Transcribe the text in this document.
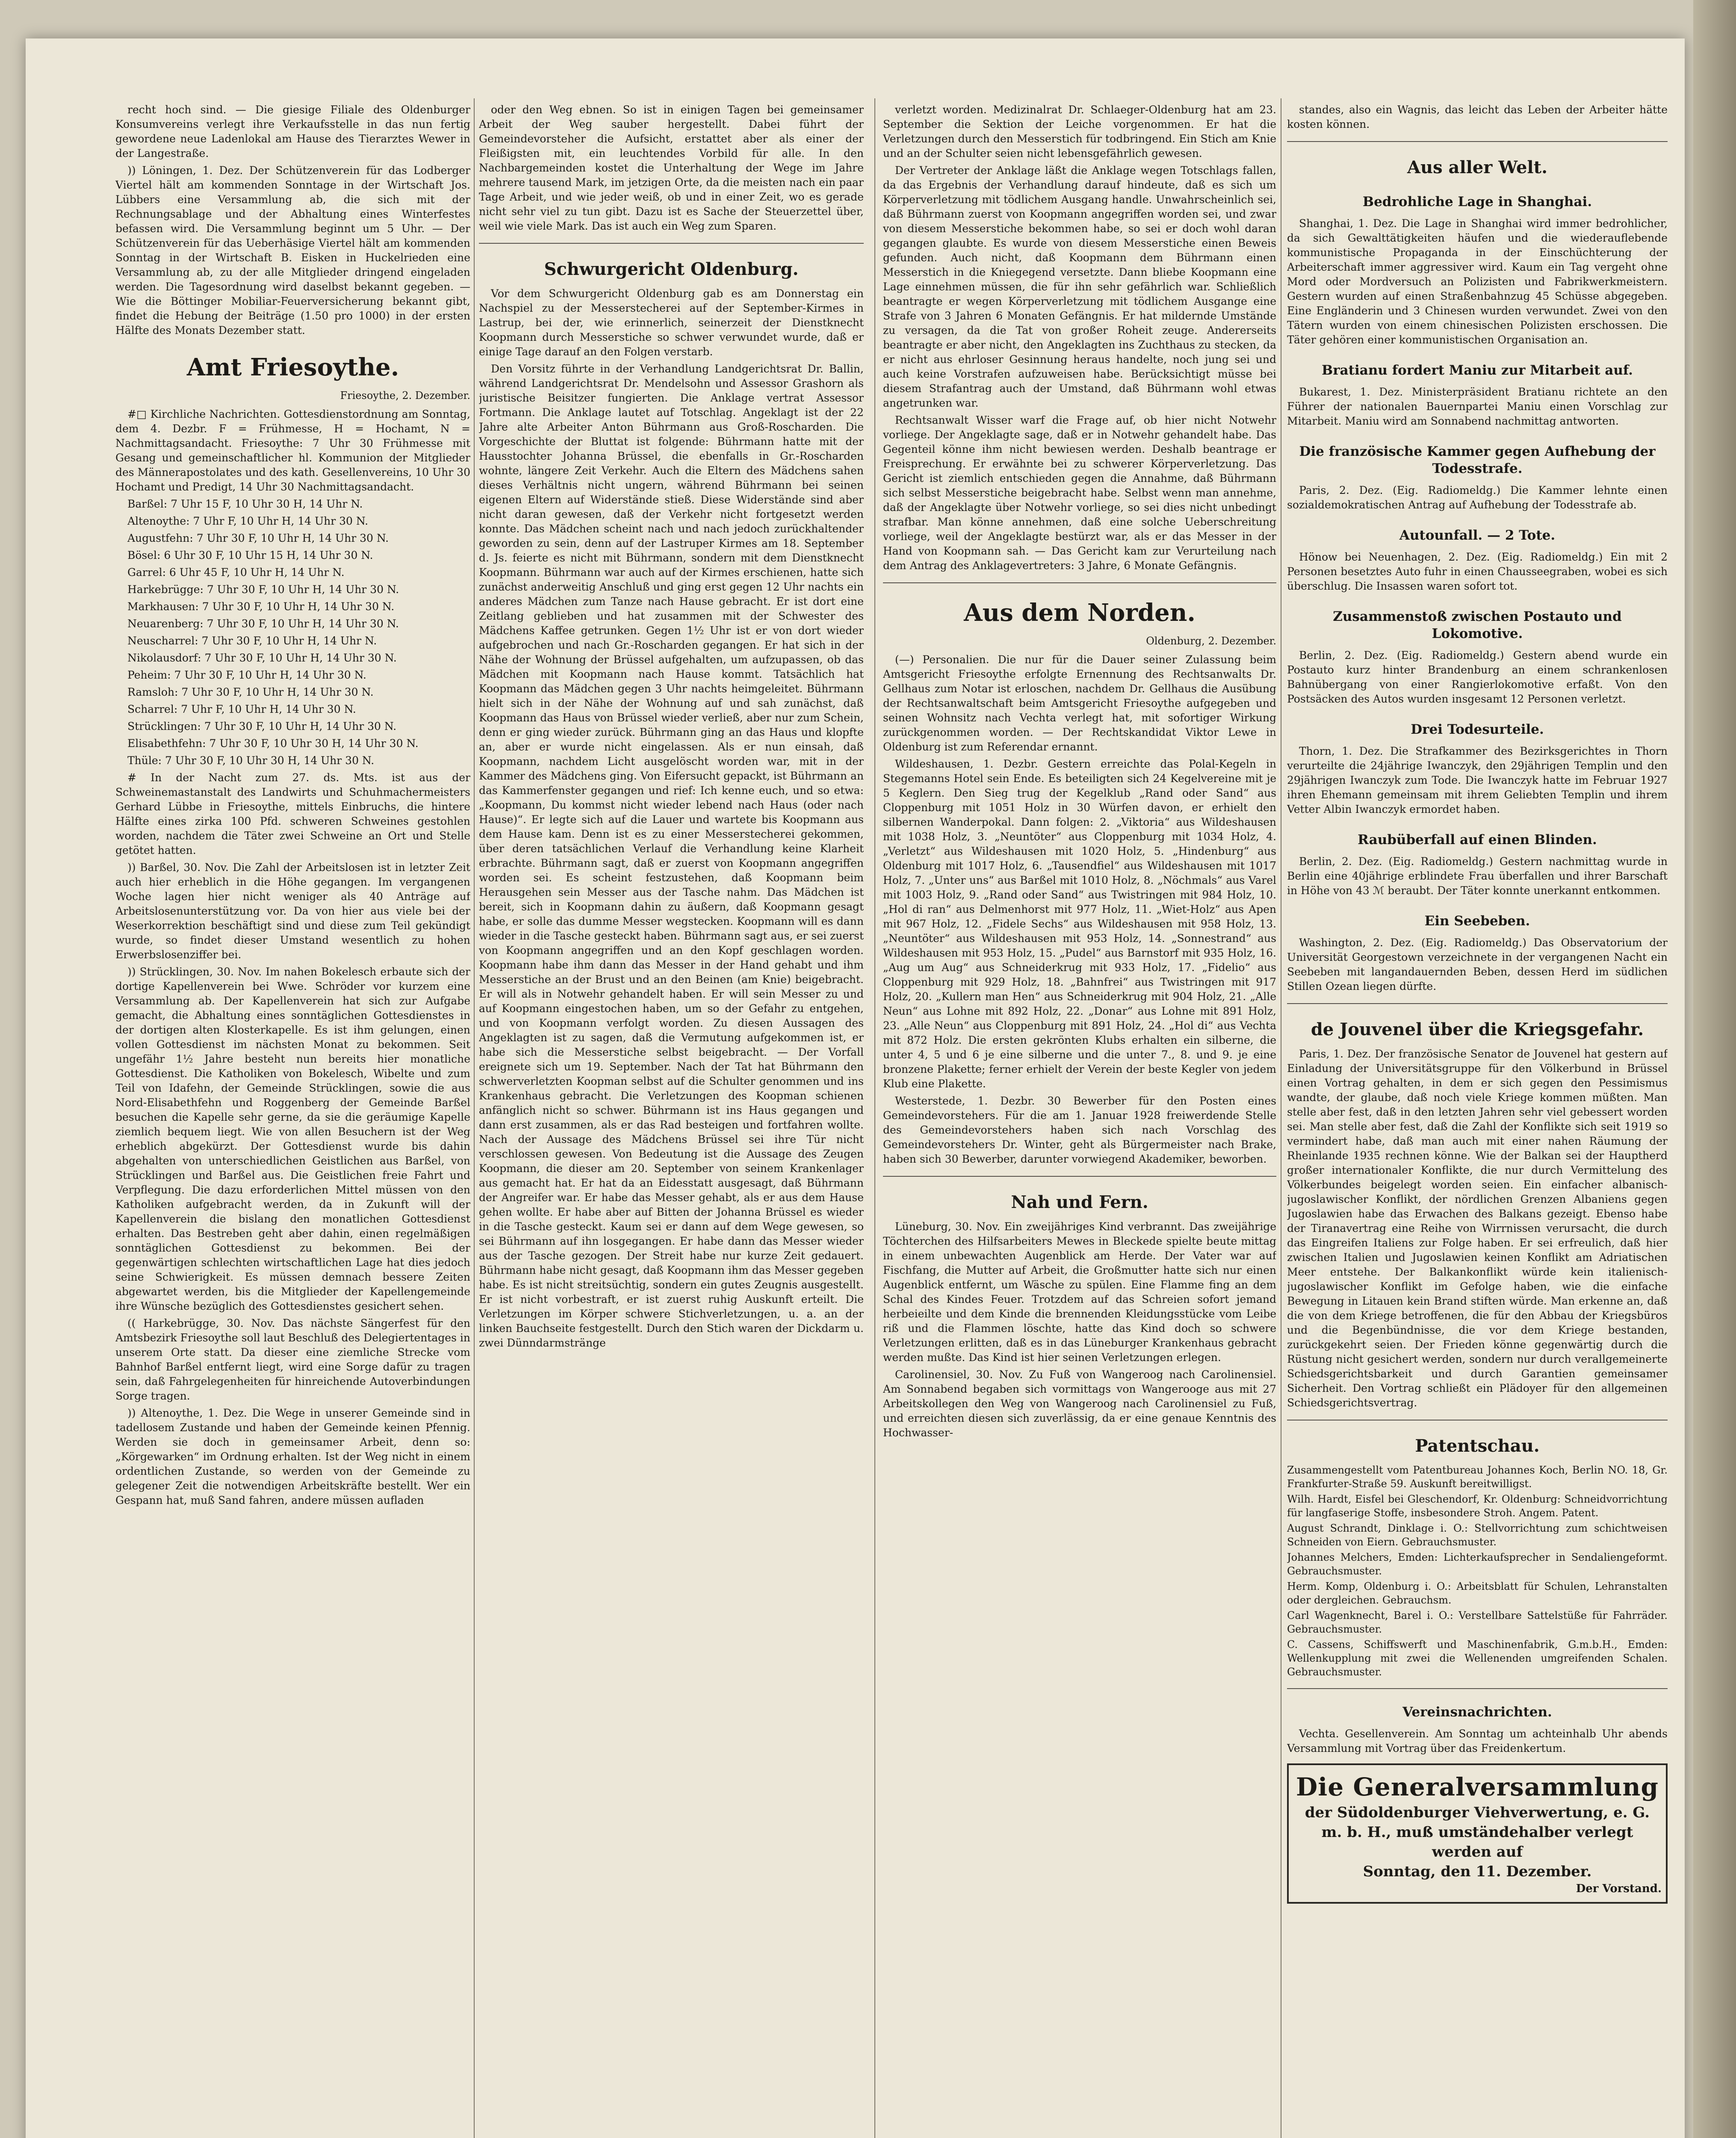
recht hoch sind. — Die giesige Filiale des Oldenburger Konsumvereins verlegt ihre Verkaufsstelle in das nun fertig gewordene neue Ladenlokal am Hause des Tierarztes Wewer in der Langestraße.

)) Löningen, 1. Dez. Der Schützenverein für das Lodberger Viertel hält am kommenden Sonntage in der Wirtschaft Jos. Lübbers eine Versammlung ab, die sich mit der Rechnungsablage und der Abhaltung eines Winterfestes befassen wird. Die Versammlung beginnt um 5 Uhr. — Der Schützenverein für das Ueberhäsige Viertel hält am kommenden Sonntag in der Wirtschaft B. Eisken in Huckelrieden eine Versammlung ab, zu der alle Mitglieder dringend eingeladen werden. Die Tagesordnung wird daselbst bekannt gegeben. — Wie die Böttinger Mobiliar-Feuerversicherung bekannt gibt, findet die Hebung der Beiträge (1.50 pro 1000) in der ersten Hälfte des Monats Dezember statt.

Amt Friesoythe.

Friesoythe, 2. Dezember.

#□ Kirchliche Nachrichten. Gottesdienstordnung am Sonntag, dem 4. Dezbr. F = Frühmesse, H = Hochamt, N = Nachmittagsandacht. Friesoythe: 7 Uhr 30 Frühmesse mit Gesang und gemeinschaftlicher hl. Kommunion der Mitglieder des Männerapostolates und des kath. Gesellenvereins, 10 Uhr 30 Hochamt und Predigt, 14 Uhr 30 Nachmittagsandacht.

Barßel: 7 Uhr 15 F, 10 Uhr 30 H, 14 Uhr N.

Altenoythe: 7 Uhr F, 10 Uhr H, 14 Uhr 30 N.

Augustfehn: 7 Uhr 30 F, 10 Uhr H, 14 Uhr 30 N.

Bösel: 6 Uhr 30 F, 10 Uhr 15 H, 14 Uhr 30 N.

Garrel: 6 Uhr 45 F, 10 Uhr H, 14 Uhr N.

Harkebrügge: 7 Uhr 30 F, 10 Uhr H, 14 Uhr 30 N.

Markhausen: 7 Uhr 30 F, 10 Uhr H, 14 Uhr 30 N.

Neuarenberg: 7 Uhr 30 F, 10 Uhr H, 14 Uhr 30 N.

Neuscharrel: 7 Uhr 30 F, 10 Uhr H, 14 Uhr N.

Nikolausdorf: 7 Uhr 30 F, 10 Uhr H, 14 Uhr 30 N.

Peheim: 7 Uhr 30 F, 10 Uhr H, 14 Uhr 30 N.

Ramsloh: 7 Uhr 30 F, 10 Uhr H, 14 Uhr 30 N.

Scharrel: 7 Uhr F, 10 Uhr H, 14 Uhr 30 N.

Strücklingen: 7 Uhr 30 F, 10 Uhr H, 14 Uhr 30 N.

Elisabethfehn: 7 Uhr 30 F, 10 Uhr 30 H, 14 Uhr 30 N.

Thüle: 7 Uhr 30 F, 10 Uhr 30 H, 14 Uhr 30 N.

# In der Nacht zum 27. ds. Mts. ist aus der Schweinemastanstalt des Landwirts und Schuhmachermeisters Gerhard Lübbe in Friesoythe, mittels Einbruchs, die hintere Hälfte eines zirka 100 Pfd. schweren Schweines gestohlen worden, nachdem die Täter zwei Schweine an Ort und Stelle getötet hatten.

)) Barßel, 30. Nov. Die Zahl der Arbeitslosen ist in letzter Zeit auch hier erheblich in die Höhe gegangen. Im vergangenen Woche lagen hier nicht weniger als 40 Anträge auf Arbeitslosenunterstützung vor. Da von hier aus viele bei der Weserkorrektion beschäftigt sind und diese zum Teil gekündigt wurde, so findet dieser Umstand wesentlich zu hohen Erwerbslosenziffer bei.

)) Strücklingen, 30. Nov. Im nahen Bokelesch erbaute sich der dortige Kapellenverein bei Wwe. Schröder vor kurzem eine Versammlung ab. Der Kapellenverein hat sich zur Aufgabe gemacht, die Abhaltung eines sonntäglichen Gottesdienstes in der dortigen alten Klosterkapelle. Es ist ihm gelungen, einen vollen Gottesdienst im nächsten Monat zu bekommen. Seit ungefähr 1½ Jahre besteht nun bereits hier monatliche Gottesdienst. Die Katholiken von Bokelesch, Wibelte und zum Teil von Idafehn, der Gemeinde Strücklingen, sowie die aus Nord-Elisabethfehn und Roggenberg der Gemeinde Barßel besuchen die Kapelle sehr gerne, da sie die geräumige Kapelle ziemlich bequem liegt. Wie von allen Besuchern ist der Weg erheblich abgekürzt. Der Gottesdienst wurde bis dahin abgehalten von unterschiedlichen Geistlichen aus Barßel, von Strücklingen und Barßel aus. Die Geistlichen freie Fahrt und Verpflegung. Die dazu erforderlichen Mittel müssen von den Katholiken aufgebracht werden, da in Zukunft will der Kapellenverein die bislang den monatlichen Gottesdienst erhalten. Das Bestreben geht aber dahin, einen regelmäßigen sonntäglichen Gottesdienst zu bekommen. Bei der gegenwärtigen schlechten wirtschaftlichen Lage hat dies jedoch seine Schwierigkeit. Es müssen demnach bessere Zeiten abgewartet werden, bis die Mitglieder der Kapellengemeinde ihre Wünsche bezüglich des Gottesdienstes gesichert sehen.

(( Harkebrügge, 30. Nov. Das nächste Sängerfest für den Amtsbezirk Friesoythe soll laut Beschluß des Delegiertentages in unserem Orte statt. Da dieser eine ziemliche Strecke vom Bahnhof Barßel entfernt liegt, wird eine Sorge dafür zu tragen sein, daß Fahrgelegenheiten für hinreichende Autoverbindungen Sorge tragen.

)) Altenoythe, 1. Dez. Die Wege in unserer Gemeinde sind in tadellosem Zustande und haben der Gemeinde keinen Pfennig. Werden sie doch in gemeinsamer Arbeit, denn so: „Körgewarken“ im Ordnung erhalten. Ist der Weg nicht in einem ordentlichen Zustande, so werden von der Gemeinde zu gelegener Zeit die notwendigen Arbeitskräfte bestellt. Wer ein Gespann hat, muß Sand fahren, andere müssen aufladen

oder den Weg ebnen. So ist in einigen Tagen bei gemeinsamer Arbeit der Weg sauber hergestellt. Dabei führt der Gemeindevorsteher die Aufsicht, erstattet aber als einer der Fleißigsten mit, ein leuchtendes Vorbild für alle. In den Nachbargemeinden kostet die Unterhaltung der Wege im Jahre mehrere tausend Mark, im jetzigen Orte, da die meisten nach ein paar Tage Arbeit, und wie jeder weiß, ob und in einer Zeit, wo es gerade nicht sehr viel zu tun gibt. Dazu ist es Sache der Steuerzettel über, weil wie viele Mark. Das ist auch ein Weg zum Sparen.

Schwurgericht Oldenburg.

Vor dem Schwurgericht Oldenburg gab es am Donnerstag ein Nachspiel zu der Messerstecherei auf der September-Kirmes in Lastrup, bei der, wie erinnerlich, seinerzeit der Dienstknecht Koopmann durch Messerstiche so schwer verwundet wurde, daß er einige Tage darauf an den Folgen verstarb.

Den Vorsitz führte in der Verhandlung Landgerichtsrat Dr. Ballin, während Landgerichtsrat Dr. Mendelsohn und Assessor Grashorn als juristische Beisitzer fungierten. Die Anklage vertrat Assessor Fortmann. Die Anklage lautet auf Totschlag. Angeklagt ist der 22 Jahre alte Arbeiter Anton Bührmann aus Groß-Roscharden. Die Vorgeschichte der Bluttat ist folgende: Bührmann hatte mit der Hausstochter Johanna Brüssel, die ebenfalls in Gr.-Roscharden wohnte, längere Zeit Verkehr. Auch die Eltern des Mädchens sahen dieses Verhältnis nicht ungern, während Bührmann bei seinen eigenen Eltern auf Widerstände stieß. Diese Widerstände sind aber nicht daran gewesen, daß der Verkehr nicht fortgesetzt werden konnte. Das Mädchen scheint nach und nach jedoch zurückhaltender geworden zu sein, denn auf der Lastruper Kirmes am 18. September d. Js. feierte es nicht mit Bührmann, sondern mit dem Dienstknecht Koopmann. Bührmann war auch auf der Kirmes erschienen, hatte sich zunächst anderweitig Anschluß und ging erst gegen 12 Uhr nachts ein anderes Mädchen zum Tanze nach Hause gebracht. Er ist dort eine Zeitlang geblieben und hat zusammen mit der Schwester des Mädchens Kaffee getrunken. Gegen 1½ Uhr ist er von dort wieder aufgebrochen und nach Gr.-Roscharden gegangen. Er hat sich in der Nähe der Wohnung der Brüssel aufgehalten, um aufzupassen, ob das Mädchen mit Koopmann nach Hause kommt. Tatsächlich hat Koopmann das Mädchen gegen 3 Uhr nachts heimgeleitet. Bührmann hielt sich in der Nähe der Wohnung auf und sah zunächst, daß Koopmann das Haus von Brüssel wieder verließ, aber nur zum Schein, denn er ging wieder zurück. Bührmann ging an das Haus und klopfte an, aber er wurde nicht eingelassen. Als er nun einsah, daß Koopmann, nachdem Licht ausgelöscht worden war, mit in der Kammer des Mädchens ging. Von Eifersucht gepackt, ist Bührmann an das Kammerfenster gegangen und rief: Ich kenne euch, und so etwa: „Koopmann, Du kommst nicht wieder lebend nach Haus (oder nach Hause)“. Er legte sich auf die Lauer und wartete bis Koopmann aus dem Hause kam. Denn ist es zu einer Messerstecherei gekommen, über deren tatsächlichen Verlauf die Verhandlung keine Klarheit erbrachte. Bührmann sagt, daß er zuerst von Koopmann angegriffen worden sei. Es scheint festzustehen, daß Koopmann beim Herausgehen sein Messer aus der Tasche nahm. Das Mädchen ist bereit, sich in Koopmann dahin zu äußern, daß Koopmann gesagt habe, er solle das dumme Messer wegstecken. Koopmann will es dann wieder in die Tasche gesteckt haben. Bührmann sagt aus, er sei zuerst von Koopmann angegriffen und an den Kopf geschlagen worden. Koopmann habe ihm dann das Messer in der Hand gehabt und ihm Messerstiche an der Brust und an den Beinen (am Knie) beigebracht. Er will als in Notwehr gehandelt haben. Er will sein Messer zu und auf Koopmann eingestochen haben, um so der Gefahr zu entgehen, und von Koopmann verfolgt worden. Zu diesen Aussagen des Angeklagten ist zu sagen, daß die Vermutung aufgekommen ist, er habe sich die Messerstiche selbst beigebracht. — Der Vorfall ereignete sich um 19. September. Nach der Tat hat Bührmann den schwerverletzten Koopman selbst auf die Schulter genommen und ins Krankenhaus gebracht. Die Verletzungen des Koopman schienen anfänglich nicht so schwer. Bührmann ist ins Haus gegangen und dann erst zusammen, als er das Rad besteigen und fortfahren wollte. Nach der Aussage des Mädchens Brüssel sei ihre Tür nicht verschlossen gewesen. Von Bedeutung ist die Aussage des Zeugen Koopmann, die dieser am 20. September von seinem Krankenlager aus gemacht hat. Er hat da an Eidesstatt ausgesagt, daß Bührmann der Angreifer war. Er habe das Messer gehabt, als er aus dem Hause gehen wollte. Er habe aber auf Bitten der Johanna Brüssel es wieder in die Tasche gesteckt. Kaum sei er dann auf dem Wege gewesen, so sei Bührmann auf ihn losgegangen. Er habe dann das Messer wieder aus der Tasche gezogen. Der Streit habe nur kurze Zeit gedauert. Bührmann habe nicht gesagt, daß Koopmann ihm das Messer gegeben habe. Es ist nicht streitsüchtig, sondern ein gutes Zeugnis ausgestellt. Er ist nicht vorbestraft, er ist zuerst ruhig Auskunft erteilt. Die Verletzungen im Körper schwere Stichverletzungen, u. a. an der linken Bauchseite festgestellt. Durch den Stich waren der Dickdarm u. zwei Dünndarmstränge

verletzt worden. Medizinalrat Dr. Schlaeger-Oldenburg hat am 23. September die Sektion der Leiche vorgenommen. Er hat die Verletzungen durch den Messerstich für todbringend. Ein Stich am Knie und an der Schulter seien nicht lebensgefährlich gewesen.

Der Vertreter der Anklage läßt die Anklage wegen Totschlags fallen, da das Ergebnis der Verhandlung darauf hindeute, daß es sich um Körperverletzung mit tödlichem Ausgang handle. Unwahrscheinlich sei, daß Bührmann zuerst von Koopmann angegriffen worden sei, und zwar von diesem Messerstiche bekommen habe, so sei er doch wohl daran gegangen glaubte. Es wurde von diesem Messerstiche einen Beweis gefunden. Auch nicht, daß Koopmann dem Bührmann einen Messerstich in die Kniegegend versetzte. Dann bliebe Koopmann eine Lage einnehmen müssen, die für ihn sehr gefährlich war. Schließlich beantragte er wegen Körperverletzung mit tödlichem Ausgange eine Strafe von 3 Jahren 6 Monaten Gefängnis. Er hat mildernde Umstände zu versagen, da die Tat von großer Roheit zeuge. Andererseits beantragte er aber nicht, den Angeklagten ins Zuchthaus zu stecken, da er nicht aus ehrloser Gesinnung heraus handelte, noch jung sei und auch keine Vorstrafen aufzuweisen habe. Berücksichtigt müsse bei diesem Strafantrag auch der Umstand, daß Bührmann wohl etwas angetrunken war.

Rechtsanwalt Wisser warf die Frage auf, ob hier nicht Notwehr vorliege. Der Angeklagte sage, daß er in Notwehr gehandelt habe. Das Gegenteil könne ihm nicht bewiesen werden. Deshalb beantrage er Freisprechung. Er erwähnte bei zu schwerer Körperverletzung. Das Gericht ist ziemlich entschieden gegen die Annahme, daß Bührmann sich selbst Messerstiche beigebracht habe. Selbst wenn man annehme, daß der Angeklagte über Notwehr vorliege, so sei dies nicht unbedingt strafbar. Man könne annehmen, daß eine solche Ueberschreitung vorliege, weil der Angeklagte bestürzt war, als er das Messer in der Hand von Koopmann sah. — Das Gericht kam zur Verurteilung nach dem Antrag des Anklagevertreters: 3 Jahre, 6 Monate Gefängnis.

Aus dem Norden.

Oldenburg, 2. Dezember.

(—) Personalien. Die nur für die Dauer seiner Zulassung beim Amtsgericht Friesoythe erfolgte Ernennung des Rechtsanwalts Dr. Gellhaus zum Notar ist erloschen, nachdem Dr. Gellhaus die Ausübung der Rechtsanwaltschaft beim Amtsgericht Friesoythe aufgegeben und seinen Wohnsitz nach Vechta verlegt hat, mit sofortiger Wirkung zurückgenommen worden. — Der Rechtskandidat Viktor Lewe in Oldenburg ist zum Referendar ernannt.

Wildeshausen, 1. Dezbr. Gestern erreichte das Polal-Kegeln in Stegemanns Hotel sein Ende. Es beteiligten sich 24 Kegelvereine mit je 5 Keglern. Den Sieg trug der Kegelklub „Rand oder Sand“ aus Cloppenburg mit 1051 Holz in 30 Würfen davon, er erhielt den silbernen Wanderpokal. Dann folgen: 2. „Viktoria“ aus Wildeshausen mit 1038 Holz, 3. „Neuntöter“ aus Cloppenburg mit 1034 Holz, 4. „Verletzt“ aus Wildeshausen mit 1020 Holz, 5. „Hindenburg“ aus Oldenburg mit 1017 Holz, 6. „Tausendfiel“ aus Wildeshausen mit 1017 Holz, 7. „Unter uns“ aus Barßel mit 1010 Holz, 8. „Nöchmals“ aus Varel mit 1003 Holz, 9. „Rand oder Sand“ aus Twistringen mit 984 Holz, 10. „Hol di ran“ aus Delmenhorst mit 977 Holz, 11. „Wiet-Holz“ aus Apen mit 967 Holz, 12. „Fidele Sechs“ aus Wildeshausen mit 958 Holz, 13. „Neuntöter“ aus Wildeshausen mit 953 Holz, 14. „Sonnestrand“ aus Wildeshausen mit 953 Holz, 15. „Pudel“ aus Barnstorf mit 935 Holz, 16. „Aug um Aug“ aus Schneiderkrug mit 933 Holz, 17. „Fidelio“ aus Cloppenburg mit 929 Holz, 18. „Bahnfrei“ aus Twistringen mit 917 Holz, 20. „Kullern man Hen“ aus Schneiderkrug mit 904 Holz, 21. „Alle Neun“ aus Lohne mit 892 Holz, 22. „Donar“ aus Lohne mit 891 Holz, 23. „Alle Neun“ aus Cloppenburg mit 891 Holz, 24. „Hol di“ aus Vechta mit 872 Holz. Die ersten gekrönten Klubs erhalten ein silberne, die unter 4, 5 und 6 je eine silberne und die unter 7., 8. und 9. je eine bronzene Plakette; ferner erhielt der Verein der beste Kegler von jedem Klub eine Plakette.

Westerstede, 1. Dezbr. 30 Bewerber für den Posten eines Gemeindevorstehers. Für die am 1. Januar 1928 freiwerdende Stelle des Gemeindevorstehers haben sich nach Vorschlag des Gemeindevorstehers Dr. Winter, geht als Bürgermeister nach Brake, haben sich 30 Bewerber, darunter vorwiegend Akademiker, beworben.

Nah und Fern.

Lüneburg, 30. Nov. Ein zweijähriges Kind verbrannt. Das zweijährige Töchterchen des Hilfsarbeiters Mewes in Bleckede spielte beute mittag in einem unbewachten Augenblick am Herde. Der Vater war auf Fischfang, die Mutter auf Arbeit, die Großmutter hatte sich nur einen Augenblick entfernt, um Wäsche zu spülen. Eine Flamme fing an dem Schal des Kindes Feuer. Trotzdem auf das Schreien sofort jemand herbeieilte und dem Kinde die brennenden Kleidungsstücke vom Leibe riß und die Flammen löschte, hatte das Kind doch so schwere Verletzungen erlitten, daß es in das Lüneburger Krankenhaus gebracht werden mußte. Das Kind ist hier seinen Verletzungen erlegen.

Carolinensiel, 30. Nov. Zu Fuß von Wangeroog nach Carolinensiel. Am Sonnabend begaben sich vormittags von Wangerooge aus mit 27 Arbeitskollegen den Weg von Wangeroog nach Carolinensiel zu Fuß, und erreichten diesen sich zuverlässig, da er eine genaue Kenntnis des Hochwasser-

standes, also ein Wagnis, das leicht das Leben der Arbeiter hätte kosten können.

Aus aller Welt.
Bedrohliche Lage in Shanghai.

Shanghai, 1. Dez. Die Lage in Shanghai wird immer bedrohlicher, da sich Gewalttätigkeiten häufen und die wiederauflebende kommunistische Propaganda in der Einschüchterung der Arbeiterschaft immer aggressiver wird. Kaum ein Tag vergeht ohne Mord oder Mordversuch an Polizisten und Fabrikwerkmeistern. Gestern wurden auf einen Straßenbahnzug 45 Schüsse abgegeben. Eine Engländerin und 3 Chinesen wurden verwundet. Zwei von den Tätern wurden von einem chinesischen Polizisten erschossen. Die Täter gehören einer kommunistischen Organisation an.

Bratianu fordert Maniu zur Mitarbeit auf.

Bukarest, 1. Dez. Ministerpräsident Bratianu richtete an den Führer der nationalen Bauernpartei Maniu einen Vorschlag zur Mitarbeit. Maniu wird am Sonnabend nachmittag antworten.

Die französische Kammer gegen Aufhebung der Todesstrafe.

Paris, 2. Dez. (Eig. Radiomeldg.) Die Kammer lehnte einen sozialdemokratischen Antrag auf Aufhebung der Todesstrafe ab.

Autounfall. — 2 Tote.

Hönow bei Neuenhagen, 2. Dez. (Eig. Radiomeldg.) Ein mit 2 Personen besetztes Auto fuhr in einen Chausseegraben, wobei es sich überschlug. Die Insassen waren sofort tot.

Zusammenstoß zwischen Postauto und Lokomotive.

Berlin, 2. Dez. (Eig. Radiomeldg.) Gestern abend wurde ein Postauto kurz hinter Brandenburg an einem schrankenlosen Bahnübergang von einer Rangierlokomotive erfaßt. Von den Postsäcken des Autos wurden insgesamt 12 Personen verletzt.

Drei Todesurteile.

Thorn, 1. Dez. Die Strafkammer des Bezirksgerichtes in Thorn verurteilte die 24jährige Iwanczyk, den 29jährigen Templin und den 29jährigen Iwanczyk zum Tode. Die Iwanczyk hatte im Februar 1927 ihren Ehemann gemeinsam mit ihrem Geliebten Templin und ihrem Vetter Albin Iwanczyk ermordet haben.

Raubüberfall auf einen Blinden.

Berlin, 2. Dez. (Eig. Radiomeldg.) Gestern nachmittag wurde in Berlin eine 40jährige erblindete Frau überfallen und ihrer Barschaft in Höhe von 43 ℳ beraubt. Der Täter konnte unerkannt entkommen.

Ein Seebeben.

Washington, 2. Dez. (Eig. Radiomeldg.) Das Observatorium der Universität Georgestown verzeichnete in der vergangenen Nacht ein Seebeben mit langandauernden Beben, dessen Herd im südlichen Stillen Ozean liegen dürfte.

de Jouvenel über die Kriegsgefahr.

Paris, 1. Dez. Der französische Senator de Jouvenel hat gestern auf Einladung der Universitätsgruppe für den Völkerbund in Brüssel einen Vortrag gehalten, in dem er sich gegen den Pessimismus wandte, der glaube, daß noch viele Kriege kommen müßten. Man stelle aber fest, daß in den letzten Jahren sehr viel gebessert worden sei. Man stelle aber fest, daß die Zahl der Konflikte sich seit 1919 so vermindert habe, daß man auch mit einer nahen Räumung der Rheinlande 1935 rechnen könne. Wie der Balkan sei der Hauptherd großer internationaler Konflikte, die nur durch Vermittelung des Völkerbundes beigelegt worden seien. Ein einfacher albanisch-jugoslawischer Konflikt, der nördlichen Grenzen Albaniens gegen Jugoslawien habe das Erwachen des Balkans gezeigt. Ebenso habe der Tiranavertrag eine Reihe von Wirrnissen verursacht, die durch das Eingreifen Italiens zur Folge haben. Er sei erfreulich, daß hier zwischen Italien und Jugoslawien keinen Konflikt am Adriatischen Meer entstehe. Der Balkankonflikt würde kein italienisch-jugoslawischer Konflikt im Gefolge haben, wie die einfache Bewegung in Litauen kein Brand stiften würde. Man erkenne an, daß die von dem Kriege betroffenen, die für den Abbau der Kriegsbüros und die Begenbündnisse, die vor dem Kriege bestanden, zurückgekehrt seien. Der Frieden könne gegenwärtig durch die Rüstung nicht gesichert werden, sondern nur durch verallgemeinerte Schiedsgerichtsbarkeit und durch Garantien gemeinsamer Sicherheit. Den Vortrag schließt ein Plädoyer für den allgemeinen Schiedsgerichtsvertrag.

Patentschau.

Zusammengestellt vom Patentbureau Johannes Koch, Berlin NO. 18, Gr. Frankfurter-Straße 59. Auskunft bereitwilligst.

Wilh. Hardt, Eisfel bei Gleschendorf, Kr. Oldenburg: Schneidvorrichtung für langfaserige Stoffe, insbesondere Stroh. Angem. Patent.

August Schrandt, Dinklage i. O.: Stellvorrichtung zum schichtweisen Schneiden von Eiern. Gebrauchsmuster.

Johannes Melchers, Emden: Lichterkaufsprecher in Sendaliengeformt. Gebrauchsmuster.

Herm. Komp, Oldenburg i. O.: Arbeitsblatt für Schulen, Lehranstalten oder dergleichen. Gebrauchsm.

Carl Wagenknecht, Barel i. O.: Verstellbare Sattelstüße für Fahrräder. Gebrauchsmuster.

C. Cassens, Schiffswerft und Maschinenfabrik, G.m.b.H., Emden: Wellenkupplung mit zwei die Wellenenden umgreifenden Schalen. Gebrauchsmuster.

Vereinsnachrichten.

Vechta. Gesellenverein. Am Sonntag um achteinhalb Uhr abends Versammlung mit Vortrag über das Freidenkertum.

Die Generalversammlung
der Südoldenburger Viehverwertung, e. G. m. b. H., muß umständehalber verlegt werden auf
Sonntag, den 11. Dezember.
Der Vorstand.
